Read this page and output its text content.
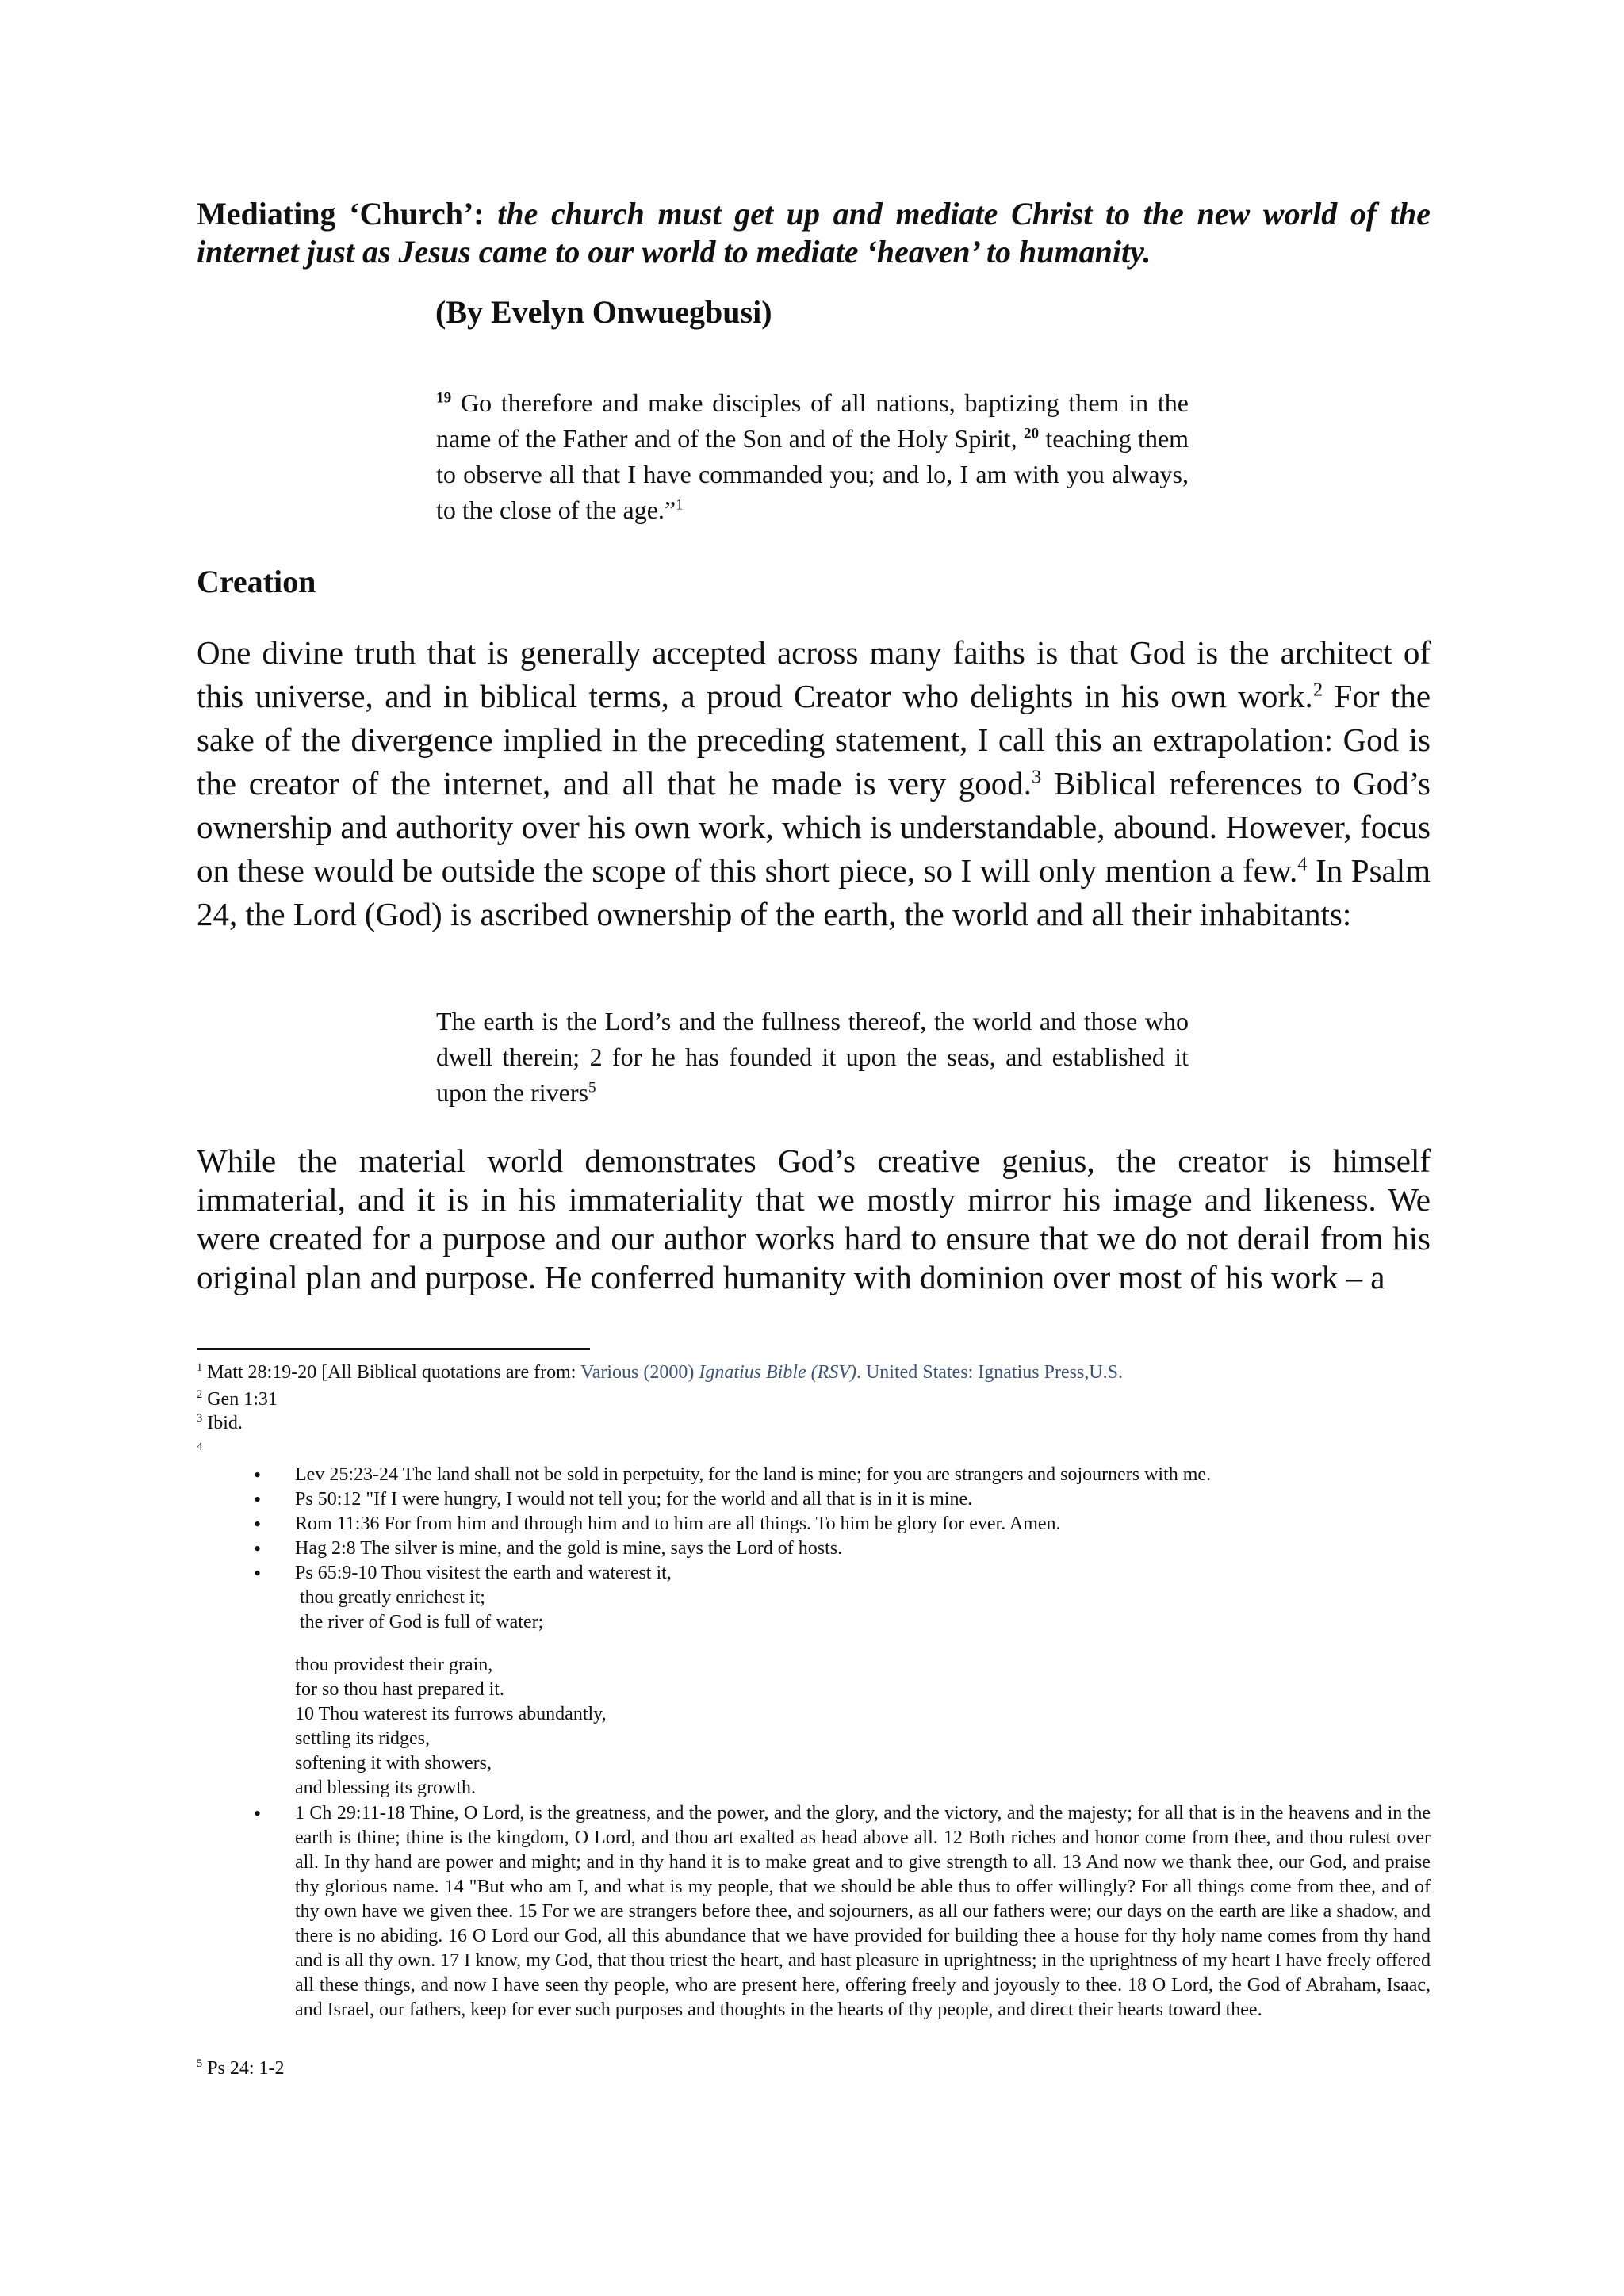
Mediating ‘Church’: the church must get up and mediate Christ to the new world of the internet just as Jesus came to our world to mediate ‘heaven’ to humanity.
(By Evelyn Onwuegbusi)
$^{19}$ Go therefore and make disciples of all nations, baptizing them in the name of the Father and of the Son and of the Holy Spirit, $^{20}$ teaching them to observe all that I have commanded you; and lo, I am with you always, to the close of the age.”$^1$
Creation
One divine truth that is generally accepted across many faiths is that God is the architect of this universe, and in biblical terms, a proud Creator who delights in his own work.$^2$ For the sake of the divergence implied in the preceding statement, I call this an extrapolation: God is the creator of the internet, and all that he made is very good.$^3$ Biblical references to God’s ownership and authority over his own work, which is understandable, abound. However, focus on these would be outside the scope of this short piece, so I will only mention a few.$^4$ In Psalm 24, the Lord (God) is ascribed ownership of the earth, the world and all their inhabitants:
The earth is the Lord’s and the fullness thereof, the world and those who dwell therein; 2 for he has founded it upon the seas, and established it upon the rivers$^5$
While the material world demonstrates God’s creative genius, the creator is himself immaterial, and it is in his immateriality that we mostly mirror his image and likeness. We were created for a purpose and our author works hard to ensure that we do not derail from his original plan and purpose. He conferred humanity with dominion over most of his work – a
$^1$ Matt 28:19-20 [All Biblical quotations are from: Various (2000) Ignatius Bible (RSV). United States: Ignatius Press,U.S.
$^2$ Gen 1:31
$^3$ Ibid.
4
• Lev 25:23-24 The land shall not be sold in perpetuity, for the land is mine; for you are strangers and sojourners with me.
• Ps 50:12 "If I were hungry, I would not tell you; for the world and all that is in it is mine.
• Rom 11:36 For from him and through him and to him are all things. To him be glory for ever. Amen.
• Hag 2:8 The silver is mine, and the gold is mine, says the Lord of hosts.
• Ps 65:9-10 Thou visitest the earth and waterest it,
thou greatly enrichest it;
the river of God is full of water;
thou providest their grain,
for so thou hast prepared it.
10 Thou waterest its furrows abundantly,
settling its ridges,
softening it with showers,
and blessing its growth.
• 1 Ch 29:11-18 Thine, O Lord, is the greatness, and the power, and the glory, and the victory, and the majesty; for all that is in the heavens and in the earth is thine; thine is the kingdom, O Lord, and thou art exalted as head above all. 12 Both riches and honor come from thee, and thou rulest over all. In thy hand are power and might; and in thy hand it is to make great and to give strength to all. 13 And now we thank thee, our God, and praise thy glorious name. 14 "But who am I, and what is my people, that we should be able thus to offer willingly? For all things come from thee, and of thy own have we given thee. 15 For we are strangers before thee, and sojourners, as all our fathers were; our days on the earth are like a shadow, and there is no abiding. 16 O Lord our God, all this abundance that we have provided for building thee a house for thy holy name comes from thy hand and is all thy own. 17 I know, my God, that thou triest the heart, and hast pleasure in uprightness; in the uprightness of my heart I have freely offered all these things, and now I have seen thy people, who are present here, offering freely and joyously to thee. 18 O Lord, the God of Abraham, Isaac, and Israel, our fathers, keep for ever such purposes and thoughts in the hearts of thy people, and direct their hearts toward thee.
$^5$ Ps 24: 1-2
